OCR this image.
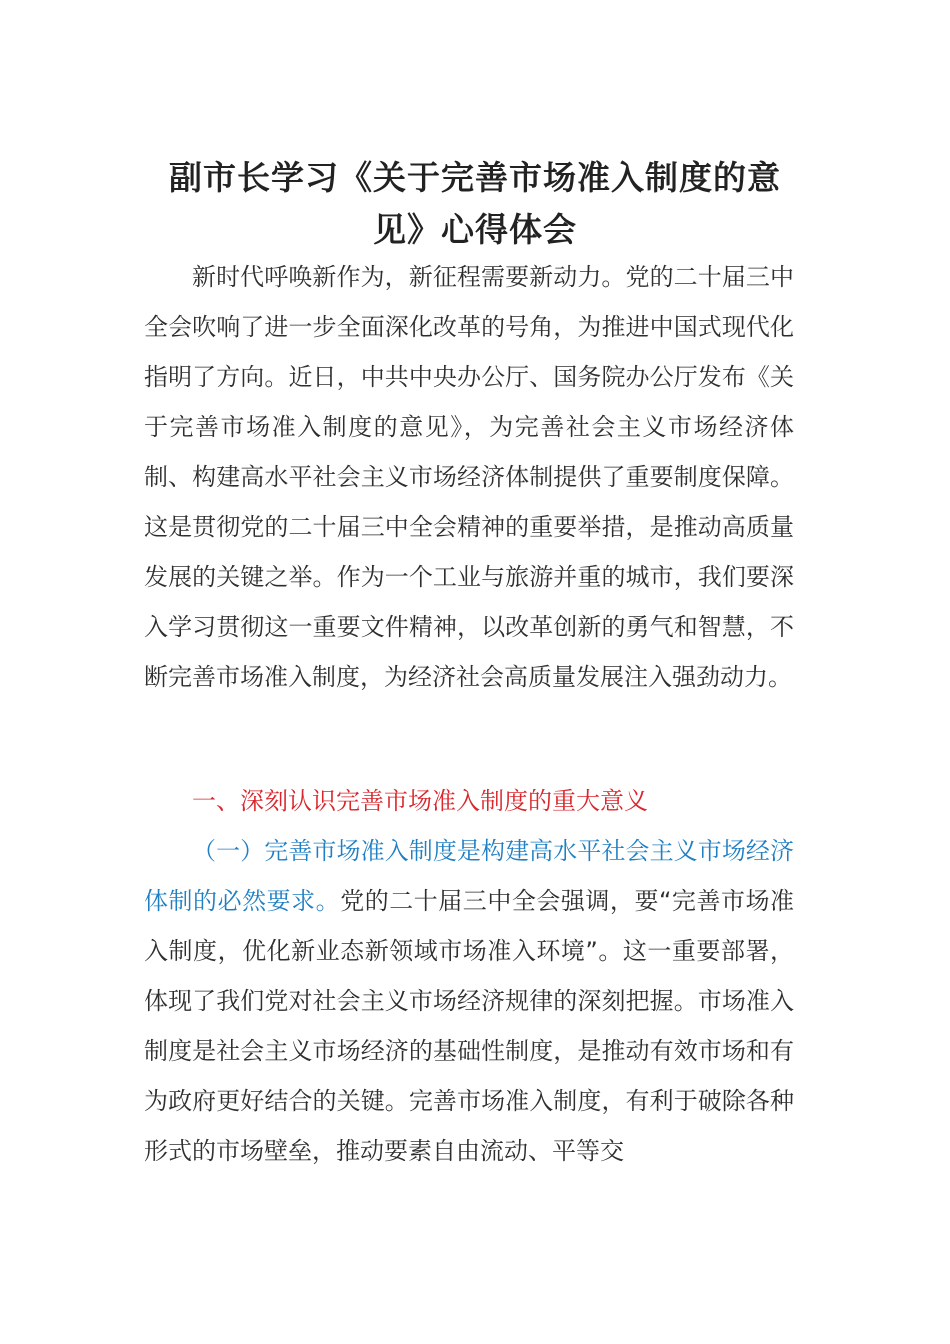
副市长学习《关于完善市场准入制度的意见》心得体会
新时代呼唤新作为，新征程需要新动力。党的二十届三中全会吹响了进一步全面深化改革的号角，为推进中国式现代化指明了方向。近日，中共中央办公厅、国务院办公厅发布《关于完善市场准入制度的意见》，为完善社会主义市场经济体制、构建高水平社会主义市场经济体制提供了重要制度保障。这是贯彻党的二十届三中全会精神的重要举措，是推动高质量发展的关键之举。作为一个工业与旅游并重的城市，我们要深入学习贯彻这一重要文件精神，以改革创新的勇气和智慧，不断完善市场准入制度，为经济社会高质量发展注入强劲动力。
一、深刻认识完善市场准入制度的重大意义
（一）完善市场准入制度是构建高水平社会主义市场经济体制的必然要求。党的二十届三中全会强调，要“完善市场准入制度，优化新业态新领域市场准入环境”。这一重要部署，体现了我们党对社会主义市场经济规律的深刻把握。市场准入制度是社会主义市场经济的基础性制度，是推动有效市场和有为政府更好结合的关键。完善市场准入制度，有利于破除各种形式的市场壁垒，推动要素自由流动、平等交
